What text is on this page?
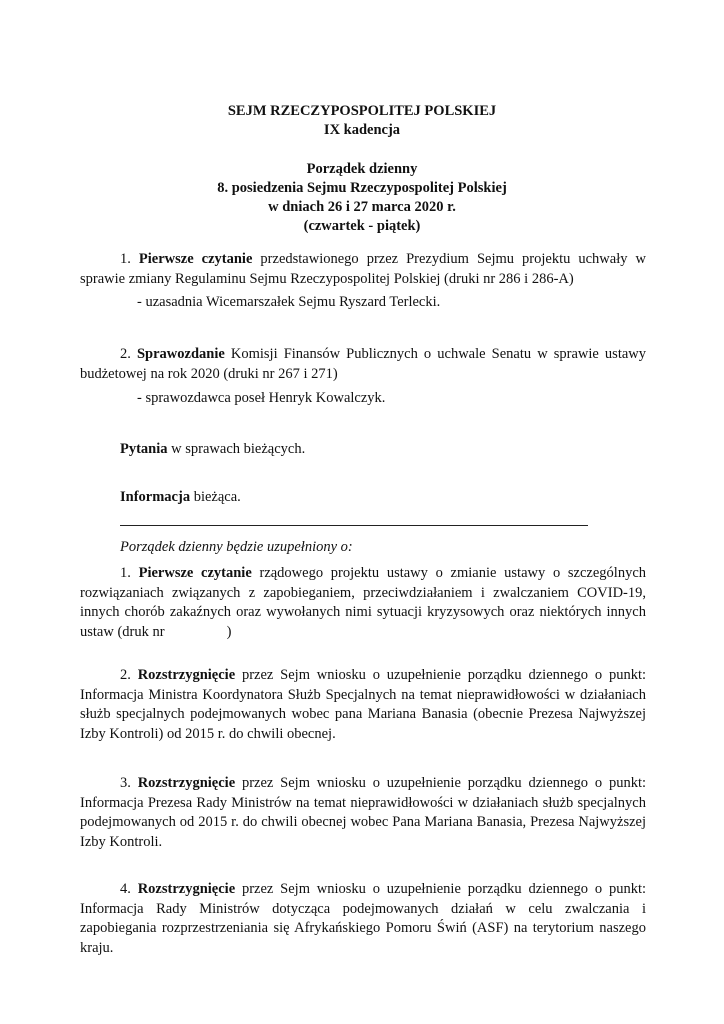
SEJM RZECZYPOSPOLITEJ POLSKIEJ
IX kadencja
Porządek dzienny
8. posiedzenia Sejmu Rzeczypospolitej Polskiej
w dniach 26 i 27 marca 2020 r.
(czwartek - piątek)
1. Pierwsze czytanie przedstawionego przez Prezydium Sejmu projektu uchwały w sprawie zmiany Regulaminu Sejmu Rzeczypospolitej Polskiej (druki nr 286 i 286-A)
- uzasadnia Wicemarszałek Sejmu Ryszard Terlecki.
2. Sprawozdanie Komisji Finansów Publicznych o uchwale Senatu w sprawie ustawy budżetowej na rok 2020 (druki nr 267 i 271)
- sprawozdawca poseł Henryk Kowalczyk.
Pytania w sprawach bieżących.
Informacja bieżąca.
Porządek dzienny będzie uzupełniony o:
1. Pierwsze czytanie rządowego projektu ustawy o zmianie ustawy o szczególnych rozwiązaniach związanych z zapobieganiem, przeciwdziałaniem i zwalczaniem COVID-19, innych chorób zakaźnych oraz wywołanych nimi sytuacji kryzysowych oraz niektórych innych ustaw (druk nr	)
2. Rozstrzygnięcie przez Sejm wniosku o uzupełnienie porządku dziennego o punkt: Informacja Ministra Koordynatora Służb Specjalnych na temat nieprawidłowości w działaniach służb specjalnych podejmowanych wobec pana Mariana Banasia (obecnie Prezesa Najwyższej Izby Kontroli) od 2015 r. do chwili obecnej.
3. Rozstrzygnięcie przez Sejm wniosku o uzupełnienie porządku dziennego o punkt: Informacja Prezesa Rady Ministrów na temat nieprawidłowości w działaniach służb specjalnych podejmowanych od 2015 r. do chwili obecnej wobec Pana Mariana Banasia, Prezesa Najwyższej Izby Kontroli.
4. Rozstrzygnięcie przez Sejm wniosku o uzupełnienie porządku dziennego o punkt: Informacja Rady Ministrów dotycząca podejmowanych działań w celu zwalczania i zapobiegania rozprzestrzeniania się Afrykańskiego Pomoru Świń (ASF) na terytorium naszego kraju.
